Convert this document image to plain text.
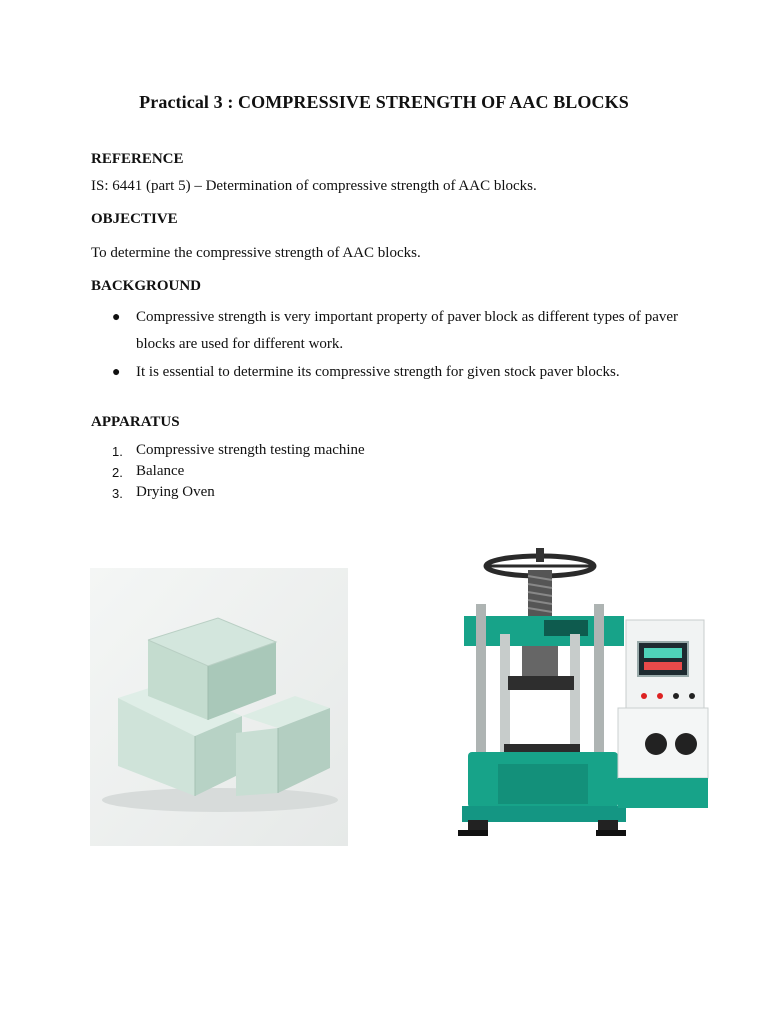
Practical 3 : COMPRESSIVE STRENGTH OF AAC BLOCKS
REFERENCE
IS: 6441 (part 5) – Determination of compressive strength of AAC blocks.
OBJECTIVE
To determine the compressive strength of AAC blocks.
BACKGROUND
● Compressive strength is very important property of paver block as different types of paver blocks are used for different work.
● It is essential to determine its compressive strength for given stock paver blocks.
APPARATUS
1. Compressive strength testing machine
2. Balance
3. Drying Oven
